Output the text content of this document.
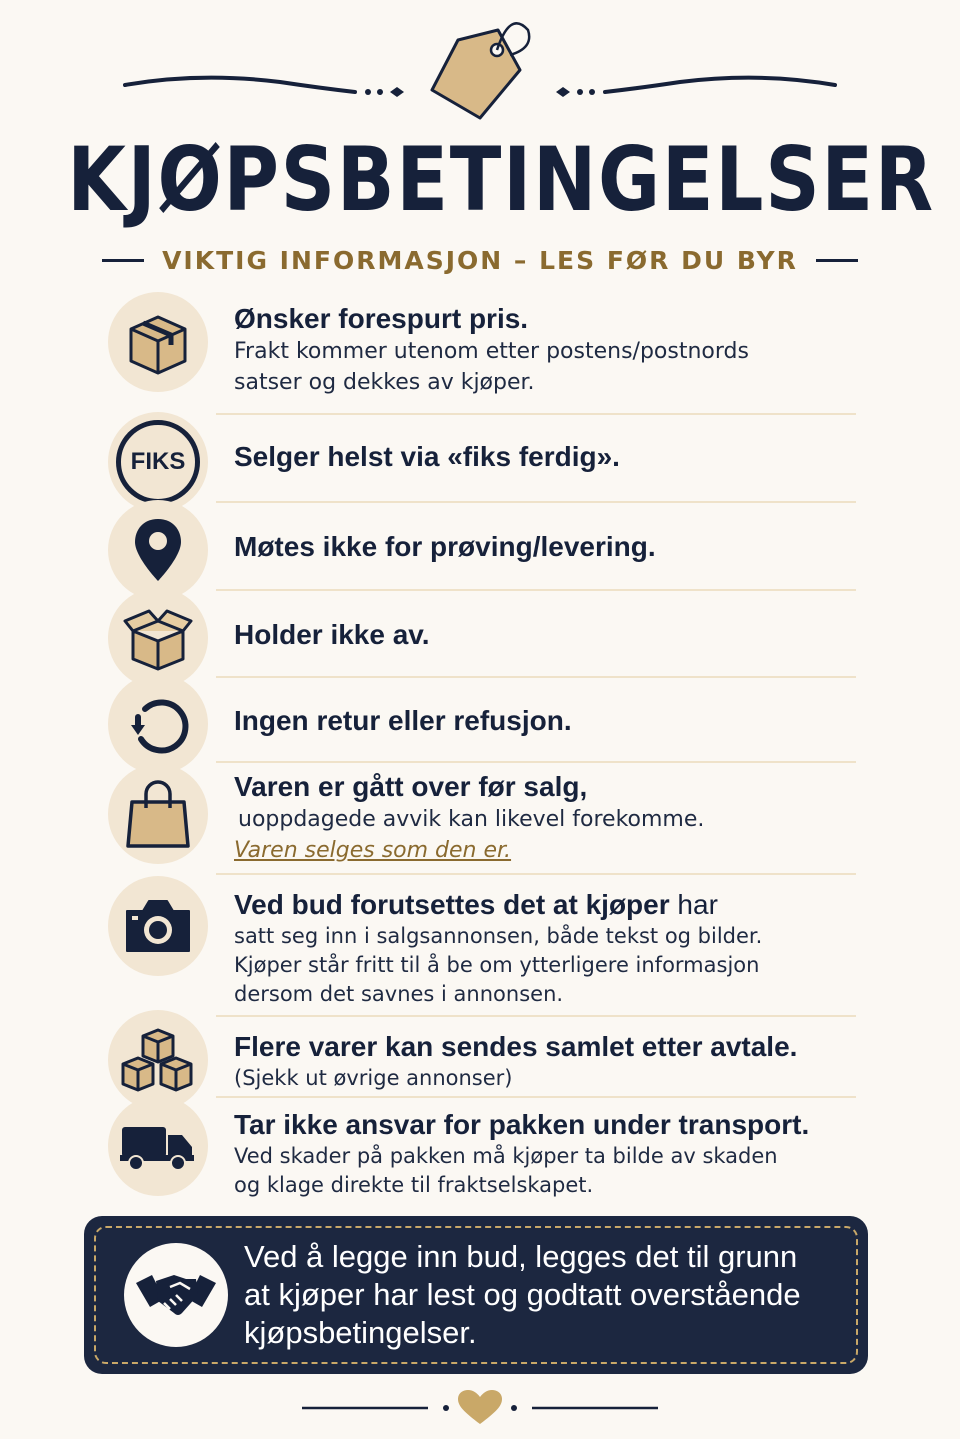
KJØPSBETINGELSER
VIKTIG INFORMASJON – LES FØR DU BYR
Ønsker forespurt pris.
Frakt kommer utenom etter postens/postnords
satser og dekkes av kjøper.
FIKS	Selger helst via «fiks ferdig».
Møtes ikke for prøving/levering.
Holder ikke av.
Ingen retur eller refusjon.
Varen er gått over før salg,
uoppdagede avvik kan likevel forekomme.
Varen selges som den er.
Ved bud forutsettes det at kjøper har
satt seg inn i salgsannonsen, både tekst og bilder.
Kjøper står fritt til å be om ytterligere informasjon
dersom det savnes i annonsen.
Flere varer kan sendes samlet etter avtale.
(Sjekk ut øvrige annonser)
Tar ikke ansvar for pakken under transport.
Ved skader på pakken må kjøper ta bilde av skaden
og klage direkte til fraktselskapet.
Ved å legge inn bud, legges det til grunn
at kjøper har lest og godtatt overstående
kjøpsbetingelser.
